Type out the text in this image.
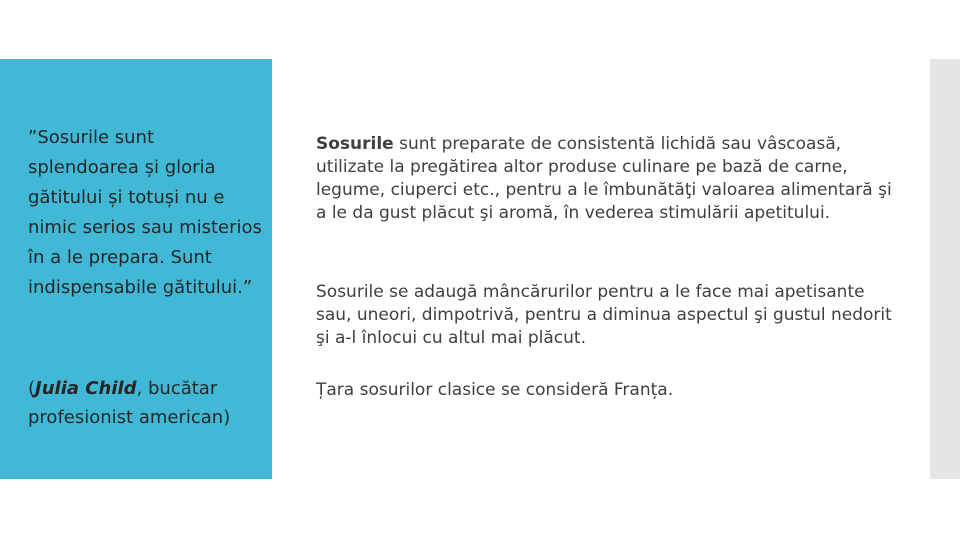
”Sosurile sunt splendoarea și gloria gătitului și totuși nu e nimic serios sau misterios în a le prepara. Sunt indispensabile gătitului.”

(Julia Child, bucătar profesionist american)

Sosurile sunt preparate de consistentă lichidă sau vâscoasă, utilizate la pregătirea altor produse culinare pe bază de carne, legume, ciuperci etc., pentru a le îmbunătăţi valoarea alimentară şi a le da gust plăcut şi aromă, în vederea stimulării apetitului.

Sosurile se adaugă mâncărurilor pentru a le face mai apetisante sau, uneori, dimpotrivă, pentru a diminua aspectul şi gustul nedorit şi a-l înlocui cu altul mai plăcut.

Țara sosurilor clasice se consideră Franța.
